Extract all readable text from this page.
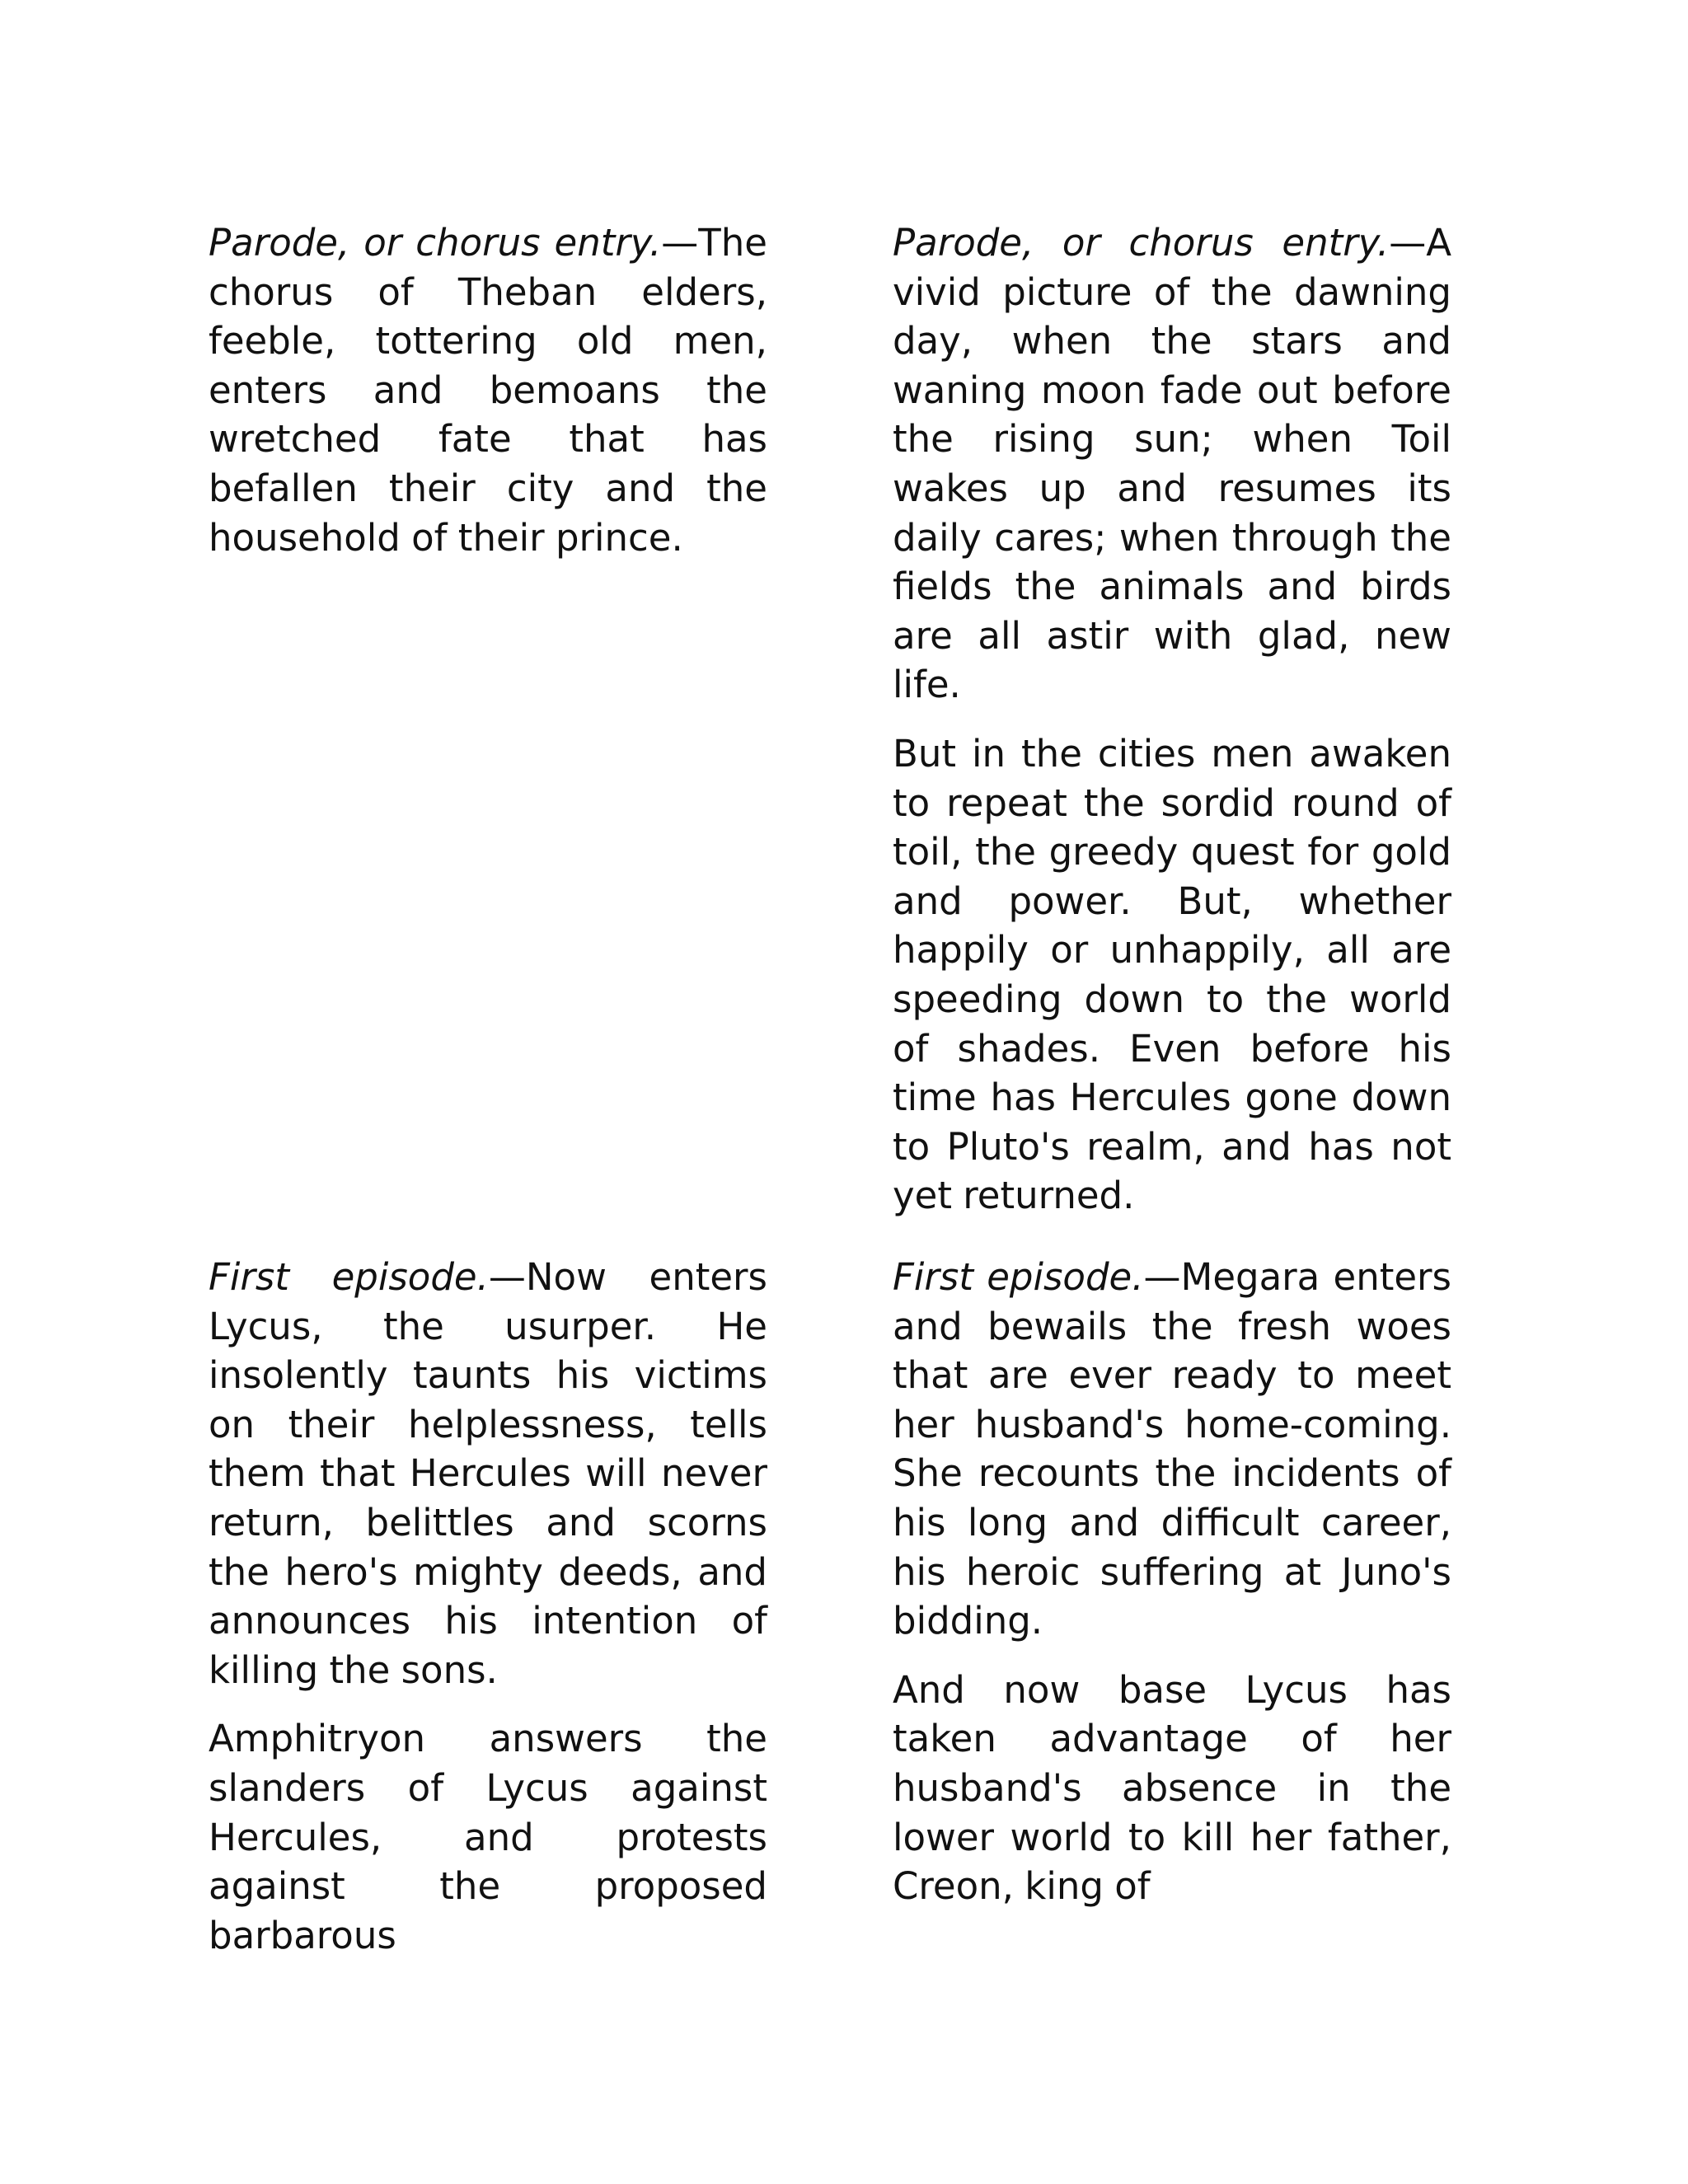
Parode, or chorus entry.—The chorus of Theban elders, feeble, tottering old men, enters and bemoans the wretched fate that has befallen their city and the household of their prince.

Parode, or chorus entry.—A vivid picture of the dawning day, when the stars and waning moon fade out before the rising sun; when Toil wakes up and resumes its daily cares; when through the fields the animals and birds are all astir with glad, new life.

But in the cities men awaken to repeat the sordid round of toil, the greedy quest for gold and power. But, whether happily or unhappily, all are speeding down to the world of shades. Even before his time has Hercules gone down to Pluto's realm, and has not yet returned.

First episode.—Now enters Lycus, the usurper. He insolently taunts his victims on their helplessness, tells them that Hercules will never return, belittles and scorns the hero's mighty deeds, and announces his intention of killing the sons.

Amphitryon answers the slanders of Lycus against Hercules, and protests against the proposed barbarous

First episode.—Megara enters and bewails the fresh woes that are ever ready to meet her husband's home-coming. She recounts the incidents of his long and difficult career, his heroic suffering at Juno's bidding.

And now base Lycus has taken advantage of her husband's absence in the lower world to kill her father, Creon, king of
